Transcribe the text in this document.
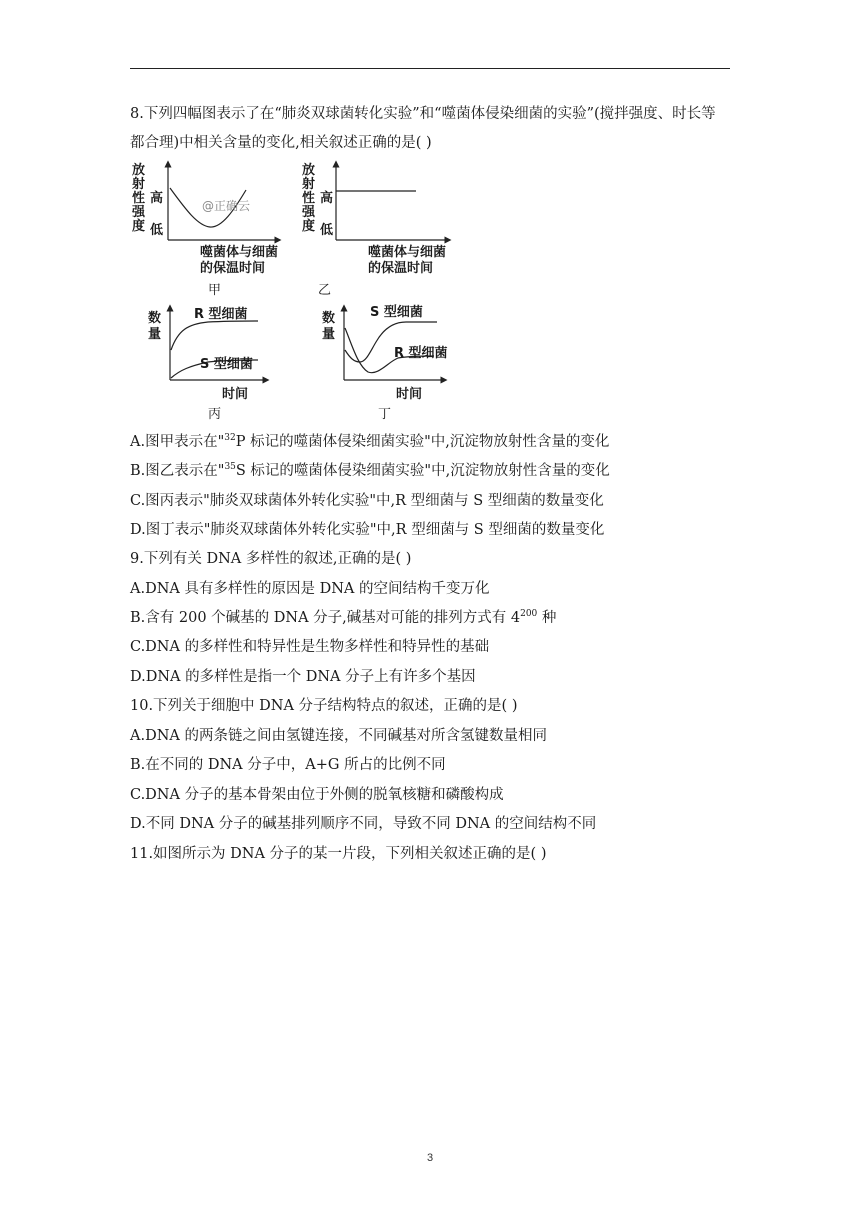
8.下列四幅图表示了在“肺炎双球菌转化实验”和“噬菌体侵染细菌的实验”(搅拌强度、时长等
都合理)中相关含量的变化,相关叙述正确的是( )
放
射
性
强
度
高
低
@正确云
噬菌体与细菌
的保温时间
甲
放
射
性
强
度
高
低
噬菌体与细菌
的保温时间
乙
数
量
R 型细菌
S 型细菌
时间
丙
数
量
S 型细菌
R 型细菌
时间
丁
A.图甲表示在"$^{32}$P 标记的噬菌体侵染细菌实验"中,沉淀物放射性含量的变化
B.图乙表示在"$^{35}$S 标记的噬菌体侵染细菌实验"中,沉淀物放射性含量的变化
C.图丙表示"肺炎双球菌体外转化实验"中,R 型细菌与 S 型细菌的数量变化
D.图丁表示"肺炎双球菌体外转化实验"中,R 型细菌与 S 型细菌的数量变化
9.下列有关 DNA 多样性的叙述,正确的是( )
A.DNA 具有多样性的原因是 DNA 的空间结构千变万化
B.含有 200 个碱基的 DNA 分子,碱基对可能的排列方式有 $4^{200}$ 种
C.DNA 的多样性和特异性是生物多样性和特异性的基础
D.DNA 的多样性是指一个 DNA 分子上有许多个基因
10.下列关于细胞中 DNA 分子结构特点的叙述，正确的是( )
A.DNA 的两条链之间由氢键连接，不同碱基对所含氢键数量相同
B.在不同的 DNA 分子中，A+G 所占的比例不同
C.DNA 分子的基本骨架由位于外侧的脱氧核糖和磷酸构成
D.不同 DNA 分子的碱基排列顺序不同，导致不同 DNA 的空间结构不同
11.如图所示为 DNA 分子的某一片段，下列相关叙述正确的是( )
3
